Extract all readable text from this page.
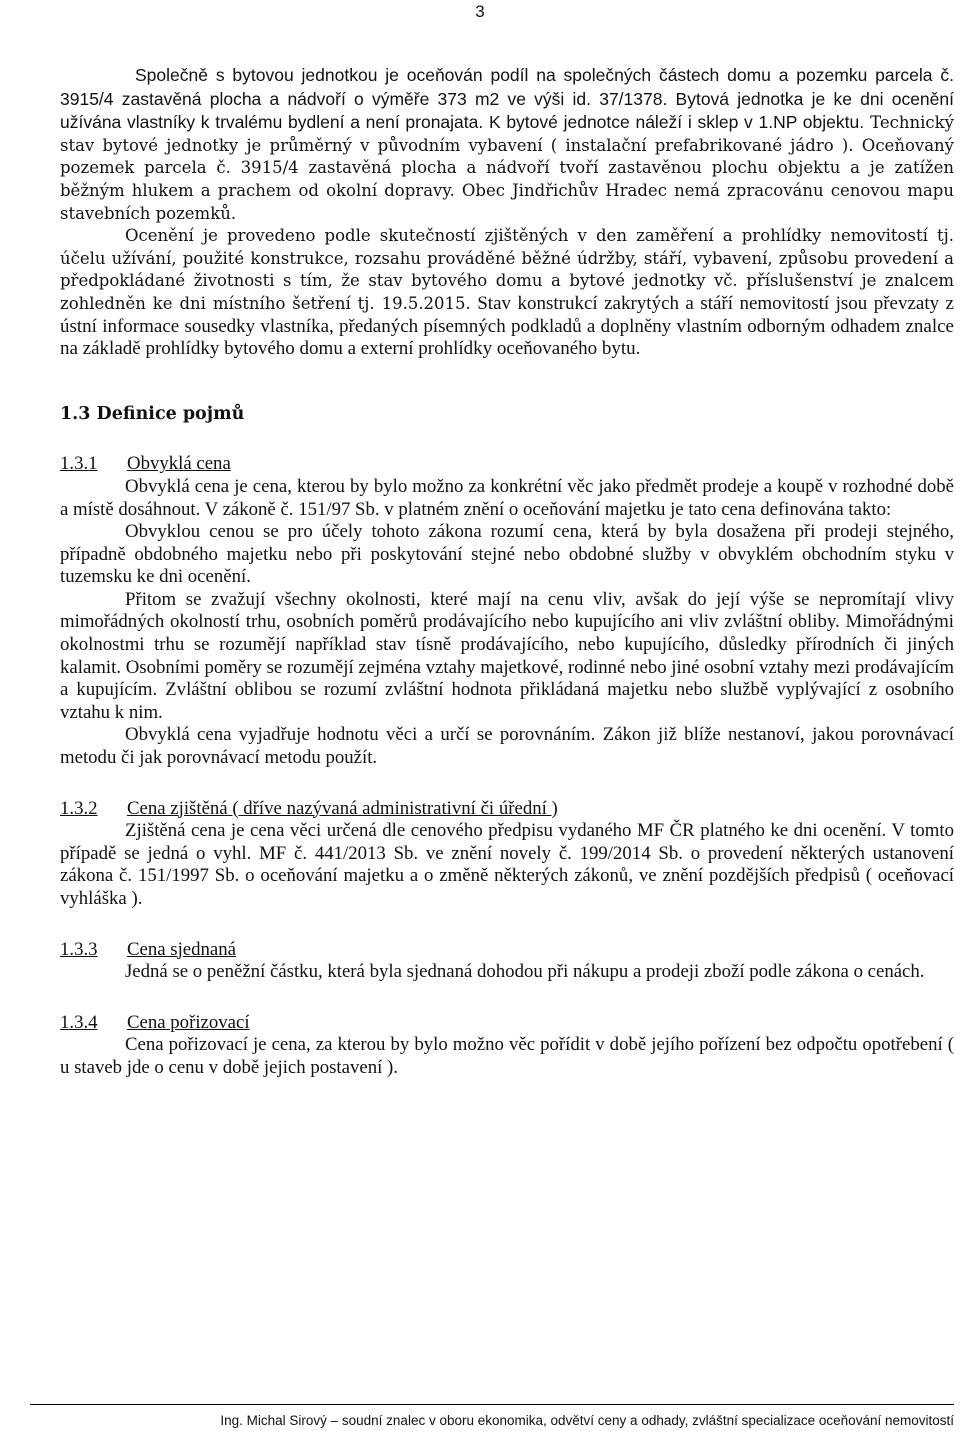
3

Společně s bytovou jednotkou je oceňován podíl na společných částech domu a pozemku parcela č. 3915/4 zastavěná plocha a nádvoří o výměře 373 m2 ve výši id. 37/1378. Bytová jednotka je ke dni ocenění užívána vlastníky k trvalému bydlení a není pronajata. K bytové jednotce náleží i sklep v 1.NP objektu. Technický stav bytové jednotky je průměrný v původním vybavení ( instalační prefabrikované jádro ). Oceňovaný pozemek parcela č. 3915/4 zastavěná plocha a nádvoří tvoří zastavěnou plochu objektu a je zatížen běžným hlukem a prachem od okolní dopravy. Obec Jindřichův Hradec nemá zpracovánu cenovou mapu stavebních pozemků.

Ocenění je provedeno podle skutečností zjištěných v den zaměření a prohlídky nemovitostí tj. účelu užívání, použité konstrukce, rozsahu prováděné běžné údržby, stáří, vybavení, způsobu provedení a předpokládané životnosti s tím, že stav bytového domu a bytové jednotky vč. příslušenství je znalcem zohledněn ke dni místního šetření tj. 19.5.2015. Stav konstrukcí zakrytých a stáří nemovitostí jsou převzaty z ústní informace sousedky vlastníka, předaných písemných podkladů a doplněny vlastním odborným odhadem znalce na základě prohlídky bytového domu a externí prohlídky oceňovaného bytu.

1.3 Definice pojmů
1.3.1 Obvyklá cena

Obvyklá cena je cena, kterou by bylo možno za konkrétní věc jako předmět prodeje a koupě v rozhodné době a místě dosáhnout. V zákoně č. 151/97 Sb. v platném znění o oceňování majetku je tato cena definována takto:

Obvyklou cenou se pro účely tohoto zákona rozumí cena, která by byla dosažena při prodeji stejného, případně obdobného majetku nebo při poskytování stejné nebo obdobné služby v obvyklém obchodním styku v tuzemsku ke dni ocenění.

Přitom se zvažují všechny okolnosti, které mají na cenu vliv, avšak do její výše se nepromítají vlivy mimořádných okolností trhu, osobních poměrů prodávajícího nebo kupujícího ani vliv zvláštní obliby. Mimořádnými okolnostmi trhu se rozumějí například stav tísně prodávajícího, nebo kupujícího, důsledky přírodních či jiných kalamit. Osobními poměry se rozumějí zejména vztahy majetkové, rodinné nebo jiné osobní vztahy mezi prodávajícím a kupujícím. Zvláštní oblibou se rozumí zvláštní hodnota přikládaná majetku nebo službě vyplývající z osobního vztahu k nim.

Obvyklá cena vyjadřuje hodnotu věci a určí se porovnáním. Zákon již blíže nestanoví, jakou porovnávací metodu či jak porovnávací metodu použít.

1.3.2 Cena zjištěná ( dříve nazývaná administrativní či úřední )

Zjištěná cena je cena věci určená dle cenového předpisu vydaného MF ČR platného ke dni ocenění. V tomto případě se jedná o vyhl. MF č. 441/2013 Sb. ve znění novely č. 199/2014 Sb. o provedení některých ustanovení zákona č. 151/1997 Sb. o oceňování majetku a o změně některých zákonů, ve znění pozdějších předpisů ( oceňovací vyhláška ).

1.3.3 Cena sjednaná

Jedná se o peněžní částku, která byla sjednaná dohodou při nákupu a prodeji zboží podle zákona o cenách.

1.3.4 Cena pořizovací

Cena pořizovací je cena, za kterou by bylo možno věc pořídit v době jejího pořízení bez odpočtu opotřebení ( u staveb jde o cenu v době jejich postavení ).

Ing. Michal Sirový – soudní znalec v oboru ekonomika, odvětví ceny a odhady, zvláštní specializace oceňování nemovitostí
